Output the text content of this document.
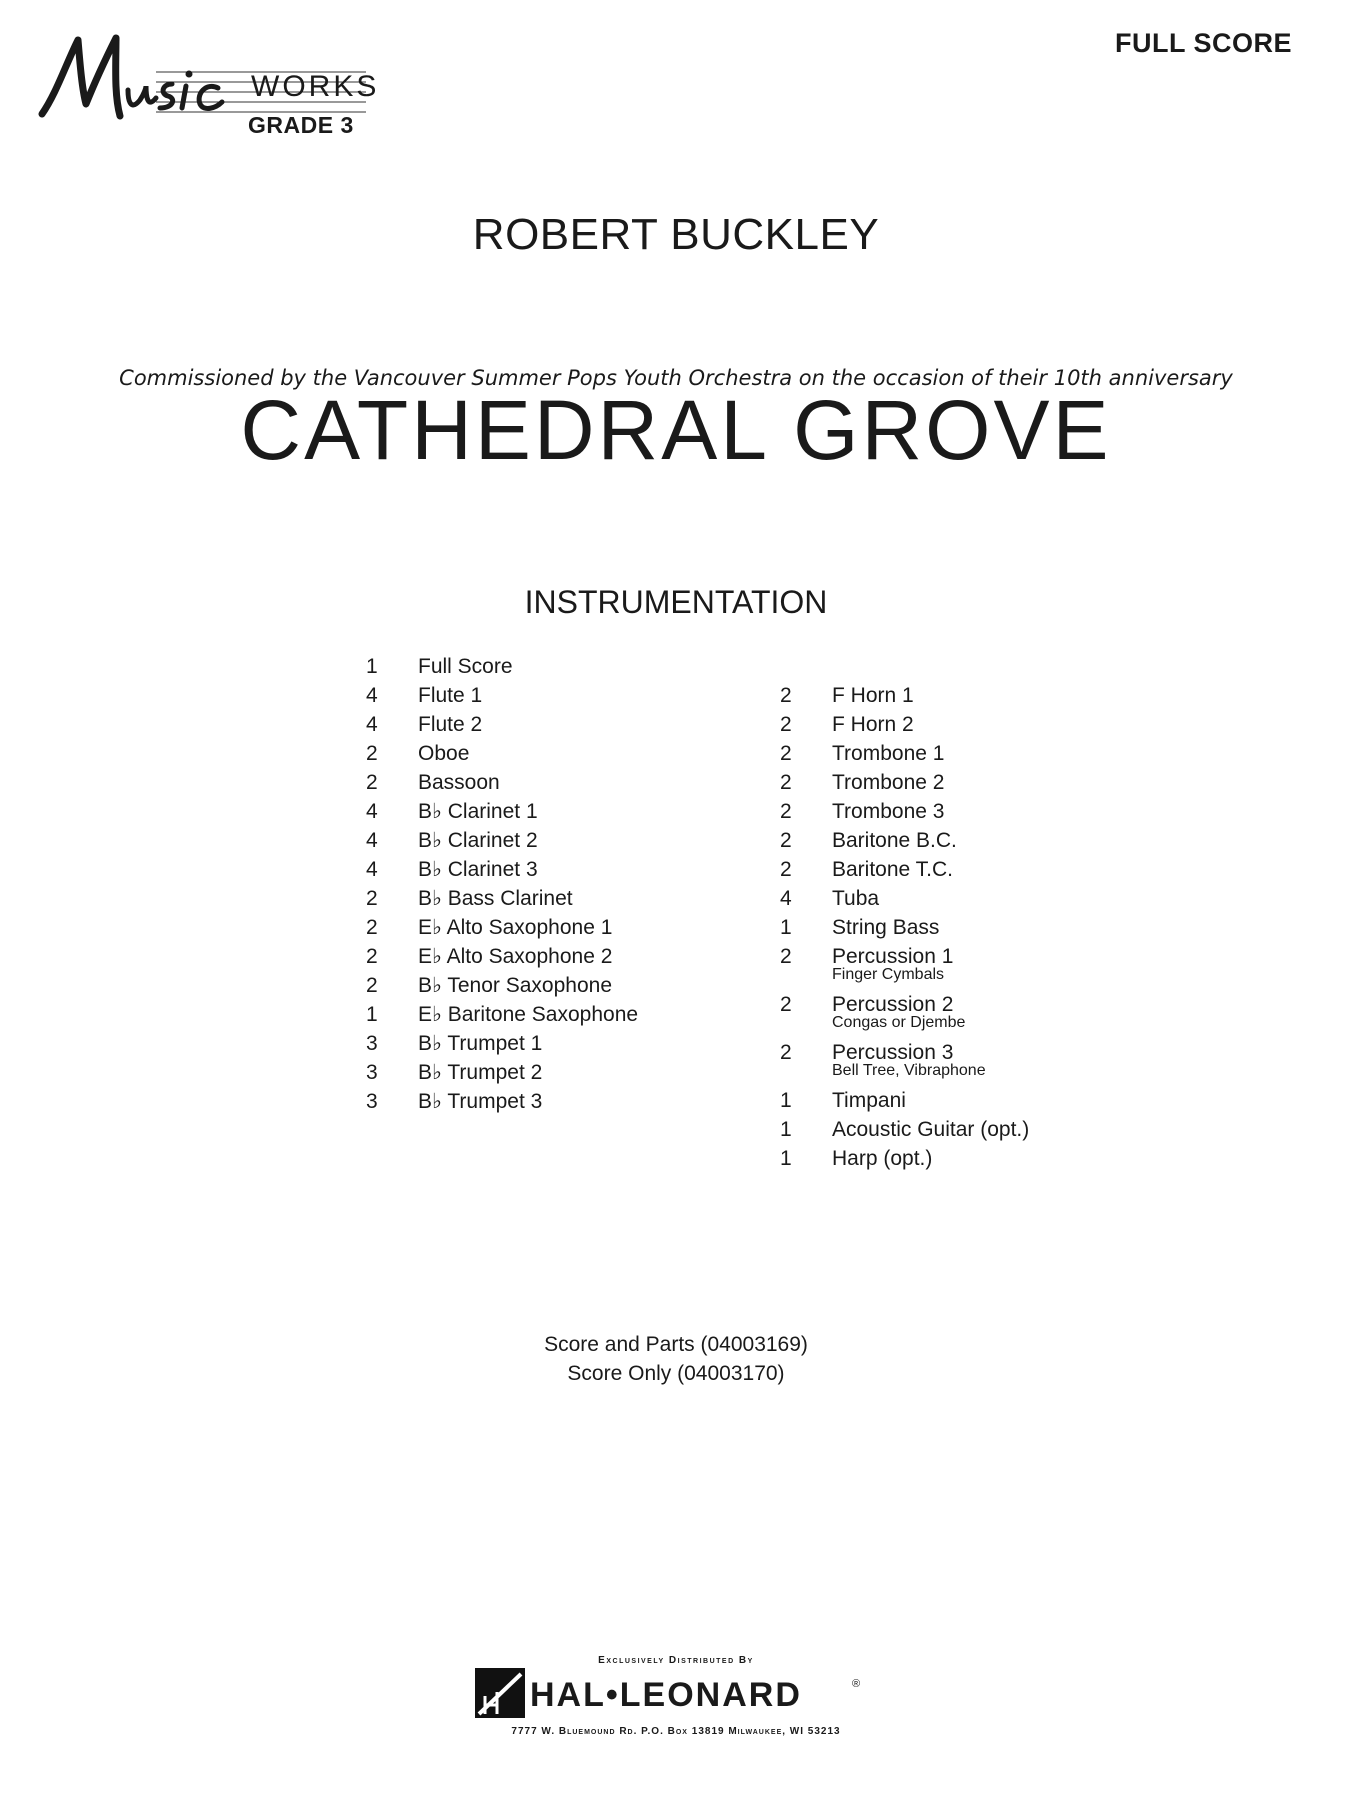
WORKS
GRADE 3
FULL SCORE
ROBERT BUCKLEY
Commissioned by the Vancouver Summer Pops Youth Orchestra on the occasion of their 10th anniversary
CATHEDRAL GROVE
INSTRUMENTATION
1	Full Score
4	Flute 1
4	Flute 2
2	Oboe
2	Bassoon
4	B♭ Clarinet 1
4	B♭ Clarinet 2
4	B♭ Clarinet 3
2	B♭ Bass Clarinet
2	E♭ Alto Saxophone 1
2	E♭ Alto Saxophone 2
2	B♭ Tenor Saxophone
1	E♭ Baritone Saxophone
3	B♭ Trumpet 1
3	B♭ Trumpet 2
3	B♭ Trumpet 3
2	F Horn 1
2	F Horn 2
2	Trombone 1
2	Trombone 2
2	Trombone 3
2	Baritone B.C.
2	Baritone T.C.
4	Tuba
1	String Bass
2	Percussion 1
Finger Cymbals
2	Percussion 2
Congas or Djembe
2	Percussion 3
Bell Tree, Vibraphone
1	Timpani
1	Acoustic Guitar (opt.)
1	Harp (opt.)
Score and Parts (04003169)
Score Only (04003170)
Exclusively Distributed By
HAL•LEONARD	®
7777 W. Bluemound Rd. P.O. Box 13819 Milwaukee, WI 53213
